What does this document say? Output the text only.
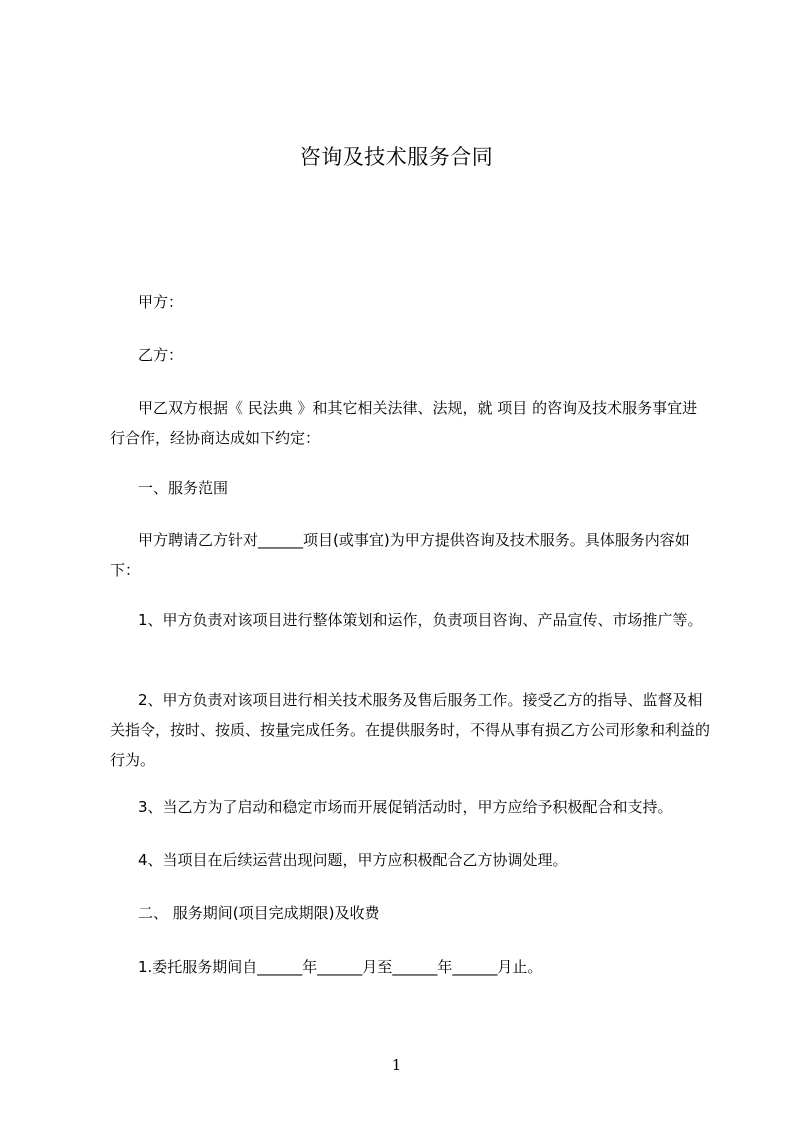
咨询及技术服务合同
甲方：
乙方：
甲乙双方根据《 民法典 》和其它相关法律、法规，就 项目 的咨询及技术服务事宜进行合作，经协商达成如下约定：
一、服务范围
甲方聘请乙方针对______项目(或事宜)为甲方提供咨询及技术服务。具体服务内容如下：
1、甲方负责对该项目进行整体策划和运作，负责项目咨询、产品宣传、市场推广等。
2、甲方负责对该项目进行相关技术服务及售后服务工作。接受乙方的指导、监督及相关指令，按时、按质、按量完成任务。在提供服务时，不得从事有损乙方公司形象和利益的行为。
3、当乙方为了启动和稳定市场而开展促销活动时，甲方应给予积极配合和支持。
4、当项目在后续运营出现问题，甲方应积极配合乙方协调处理。
二、 服务期间(项目完成期限)及收费
1.委托服务期间自______年______月至______年______月止。
1
